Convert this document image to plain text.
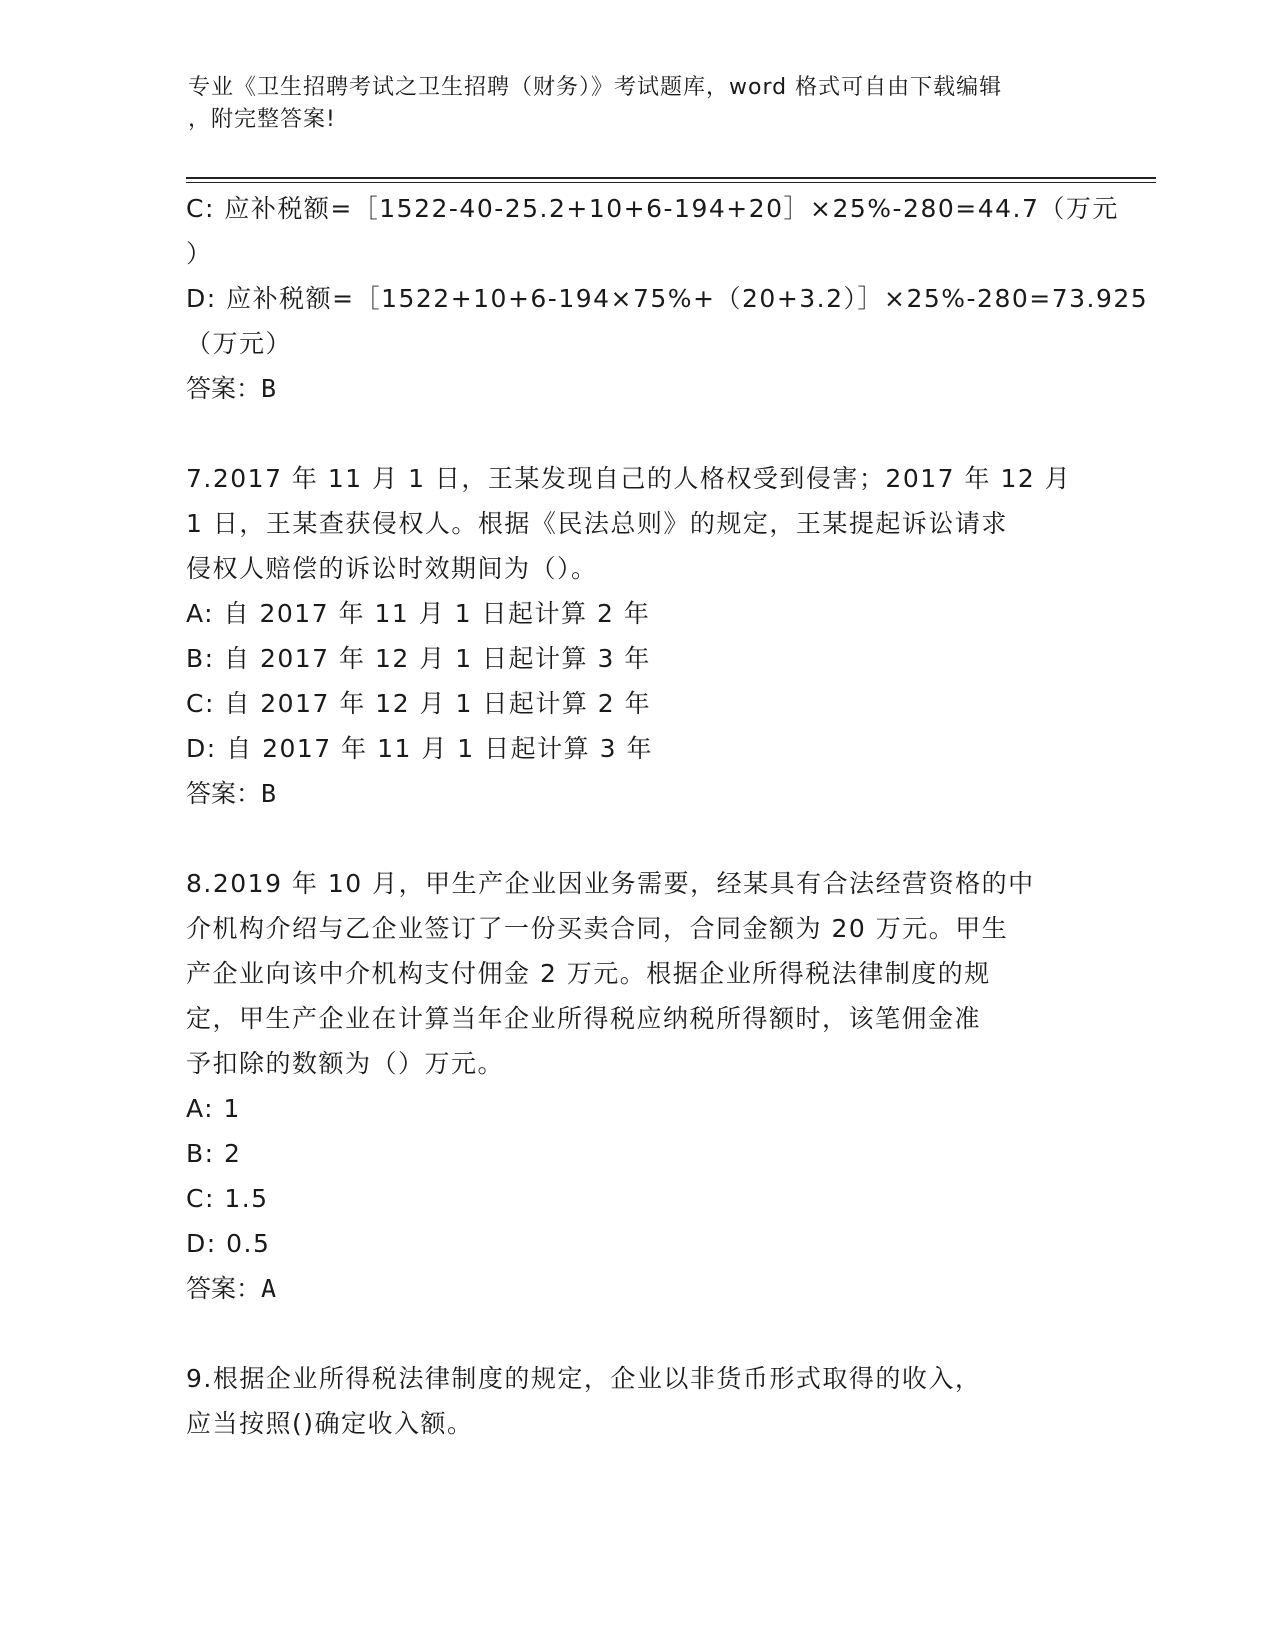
专业《卫生招聘考试之卫生招聘（财务）》考试题库，word 格式可自由下载编辑
，附完整答案!
C: 应补税额=［1522-40-25.2+10+6-194+20］×25%-280=44.7（万元
）
D: 应补税额=［1522+10+6-194×75%+（20+3.2）］×25%-280=73.925
（万元）
答案：B
7.2017 年 11 月 1 日，王某发现自己的人格权受到侵害；2017 年 12 月
1 日，王某查获侵权人。根据《民法总则》的规定，王某提起诉讼请求
侵权人赔偿的诉讼时效期间为（）。
A: 自 2017 年 11 月 1 日起计算 2 年
B: 自 2017 年 12 月 1 日起计算 3 年
C: 自 2017 年 12 月 1 日起计算 2 年
D: 自 2017 年 11 月 1 日起计算 3 年
答案：B
8.2019 年 10 月，甲生产企业因业务需要，经某具有合法经营资格的中
介机构介绍与乙企业签订了一份买卖合同，合同金额为 20 万元。甲生
产企业向该中介机构支付佣金 2 万元。根据企业所得税法律制度的规
定，甲生产企业在计算当年企业所得税应纳税所得额时，该笔佣金准
予扣除的数额为（）万元。
A: 1
B: 2
C: 1.5
D: 0.5
答案：A
9.根据企业所得税法律制度的规定，企业以非货币形式取得的收入，
应当按照()确定收入额。
